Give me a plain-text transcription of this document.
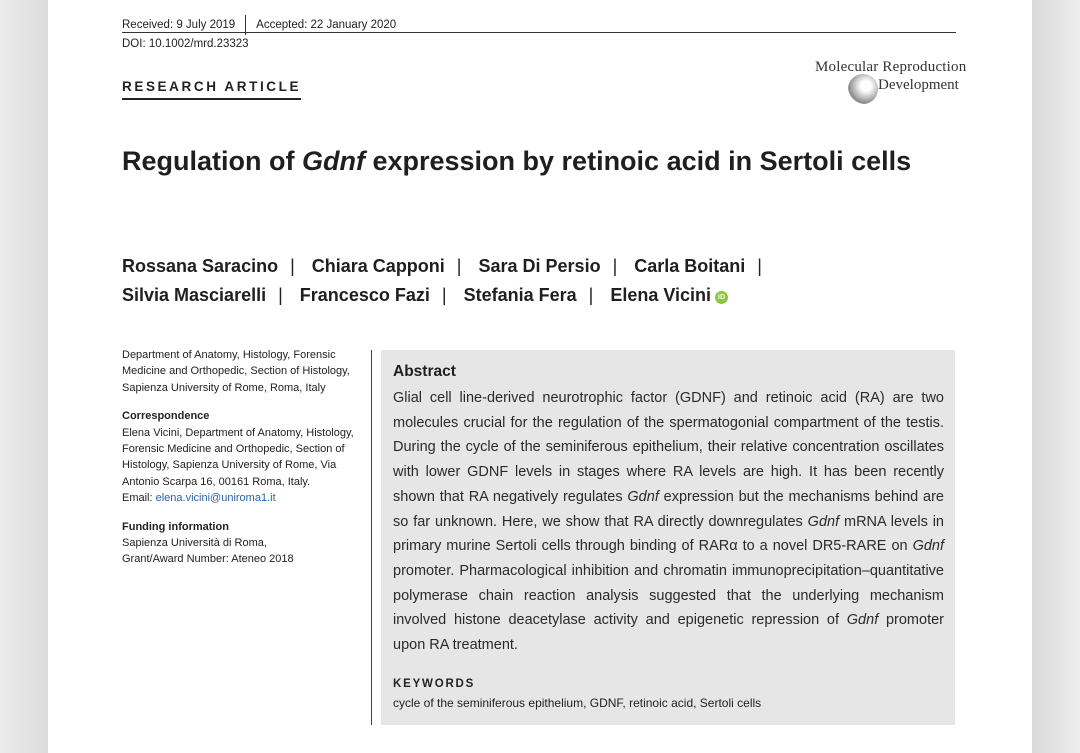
Received: 9 July 2019 Accepted: 22 January 2020
DOI: 10.1002/mrd.23323
RESEARCH ARTICLE
Molecular Reproduction
Development
Regulation of Gdnf expression by retinoic acid in Sertoli cells

Rossana Saracino | Chiara Capponi | Sara Di Persio | Carla Boitani | Silvia Masciarelli | Francesco Fazi | Stefania Fera | Elena Vicini iD

Department of Anatomy, Histology, Forensic Medicine and Orthopedic, Section of Histology, Sapienza University of Rome, Roma, Italy

Correspondence
Elena Vicini, Department of Anatomy, Histology, Forensic Medicine and Orthopedic, Section of Histology, Sapienza University of Rome, Via Antonio Scarpa 16, 00161 Roma, Italy.
Email: elena.vicini@uniroma1.it

Funding information
Sapienza Università di Roma,
Grant/Award Number: Ateneo 2018

Abstract

Glial cell line-derived neurotrophic factor (GDNF) and retinoic acid (RA) are two molecules crucial for the regulation of the spermatogonial compartment of the testis. During the cycle of the seminiferous epithelium, their relative concentration oscillates with lower GDNF levels in stages where RA levels are high. It has been recently shown that RA negatively regulates Gdnf expression but the mechanisms behind are so far unknown. Here, we show that RA directly downregulates Gdnf mRNA levels in primary murine Sertoli cells through binding of RARα to a novel DR5-RARE on Gdnf promoter. Pharmacological inhibition and chromatin immunoprecipitation–quantitative polymerase chain reaction analysis suggested that the underlying mechanism involved histone deacetylase activity and epigenetic repression of Gdnf promoter upon RA treatment.

KEYWORDS
cycle of the seminiferous epithelium, GDNF, retinoic acid, Sertoli cells
